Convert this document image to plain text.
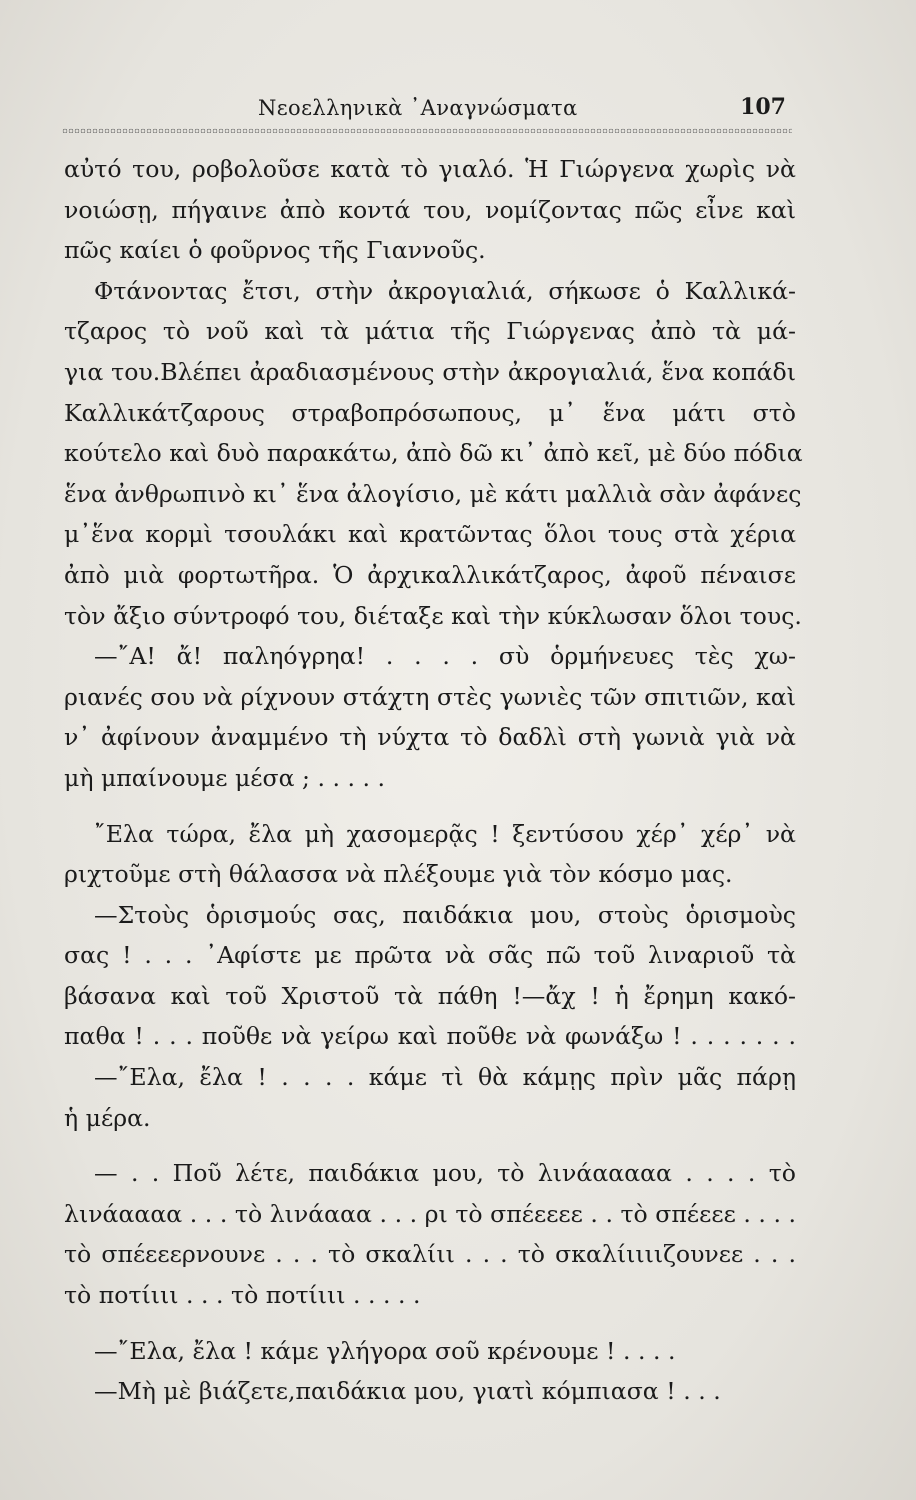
Νεοελληνικὰ ᾿Αναγνώσματα	107
αὐτό του, ροβολοῦσε κατὰ τὸ γιαλό. Ἡ Γιώργενα χωρὶς νὰ
νοιώσῃ, πήγαινε ἀπὸ κοντά του, νομίζοντας πῶς εἶνε καὶ
πῶς καίει ὁ φοῦρνος τῆς Γιαννοῦς.
Φτάνοντας ἔτσι, στὴν ἀκρογιαλιά, σήκωσε ὁ Καλλικά-
τζαρος τὸ νοῦ καὶ τὰ μάτια τῆς Γιώργενας ἀπὸ τὰ μά-
για του.Βλέπει ἀραδιασμένους στὴν ἀκρογιαλιά, ἕνα κοπάδι
Καλλικάτζαρους στραβοπρόσωπους, μ᾿ ἕνα μάτι στὸ
κούτελο καὶ δυὸ παρακάτω, ἀπὸ δῶ κι᾿ ἀπὸ κεῖ, μὲ δύο πόδια
ἕνα ἀνθρωπινὸ κι᾿ ἕνα ἀλογίσιο, μὲ κάτι μαλλιὰ σὰν ἀφάνες
μ᾿ἕνα κορμὶ τσουλάκι καὶ κρατῶντας ὅλοι τους στὰ χέρια
ἀπὸ μιὰ φορτωτῆρα. Ὁ ἀρχικαλλικάτζαρος, ἀφοῦ πέναισε
τὸν ἄξιο σύντροφό του, διέταξε καὶ τὴν κύκλωσαν ὅλοι τους.
—῎Α! ἄ! παληόγρηα! . . . . σὺ ὁρμήνευες τὲς χω-
ριανές σου νὰ ρίχνουν στάχτη στὲς γωνιὲς τῶν σπιτιῶν, καὶ
ν᾿ ἀφίνουν ἀναμμένο τὴ νύχτα τὸ δαδλὶ στὴ γωνιὰ γιὰ νὰ
μὴ μπαίνουμε μέσα ; . . . . .
῎Ελα τώρα, ἔλα μὴ χασομερᾷς ! ξεντύσου χέρ᾿ χέρ᾿ νὰ
ριχτοῦμε στὴ θάλασσα νὰ πλέξουμε γιὰ τὸν κόσμο μας.
—Στοὺς ὁρισμούς σας, παιδάκια μου, στοὺς ὁρισμοὺς
σας ! . . . ᾿Αφίστε με πρῶτα νὰ σᾶς πῶ τοῦ λιναριοῦ τὰ
βάσανα καὶ τοῦ Χριστοῦ τὰ πάθη !—ἄχ ! ἡ ἔρημη κακό-
παθα ! . . . ποῦθε νὰ γείρω καὶ ποῦθε νὰ φωνάξω ! . . . . . . .
—῎Ελα, ἔλα ! . . . . κάμε τὶ θὰ κάμῃς πρὶν μᾶς πάρῃ
ἡ μέρα.
— . . Ποῦ λέτε, παιδάκια μου, τὸ λινάααααα . . . . τὸ
λινάαααα . . . τὸ λινάααα . . . ρι τὸ σπέεεεε . . τὸ σπέεεε . . . .
τὸ σπέεεερνουνε . . . τὸ σκαλίιι . . . τὸ σκαλίιιιιζουνεε . . .
τὸ ποτίιιι . . . τὸ ποτίιιι . . . . .
—῎Ελα, ἔλα ! κάμε γλήγορα σοῦ κρένουμε ! . . . .
—Μὴ μὲ βιάζετε,παιδάκια μου, γιατὶ κόμπιασα ! . . .
